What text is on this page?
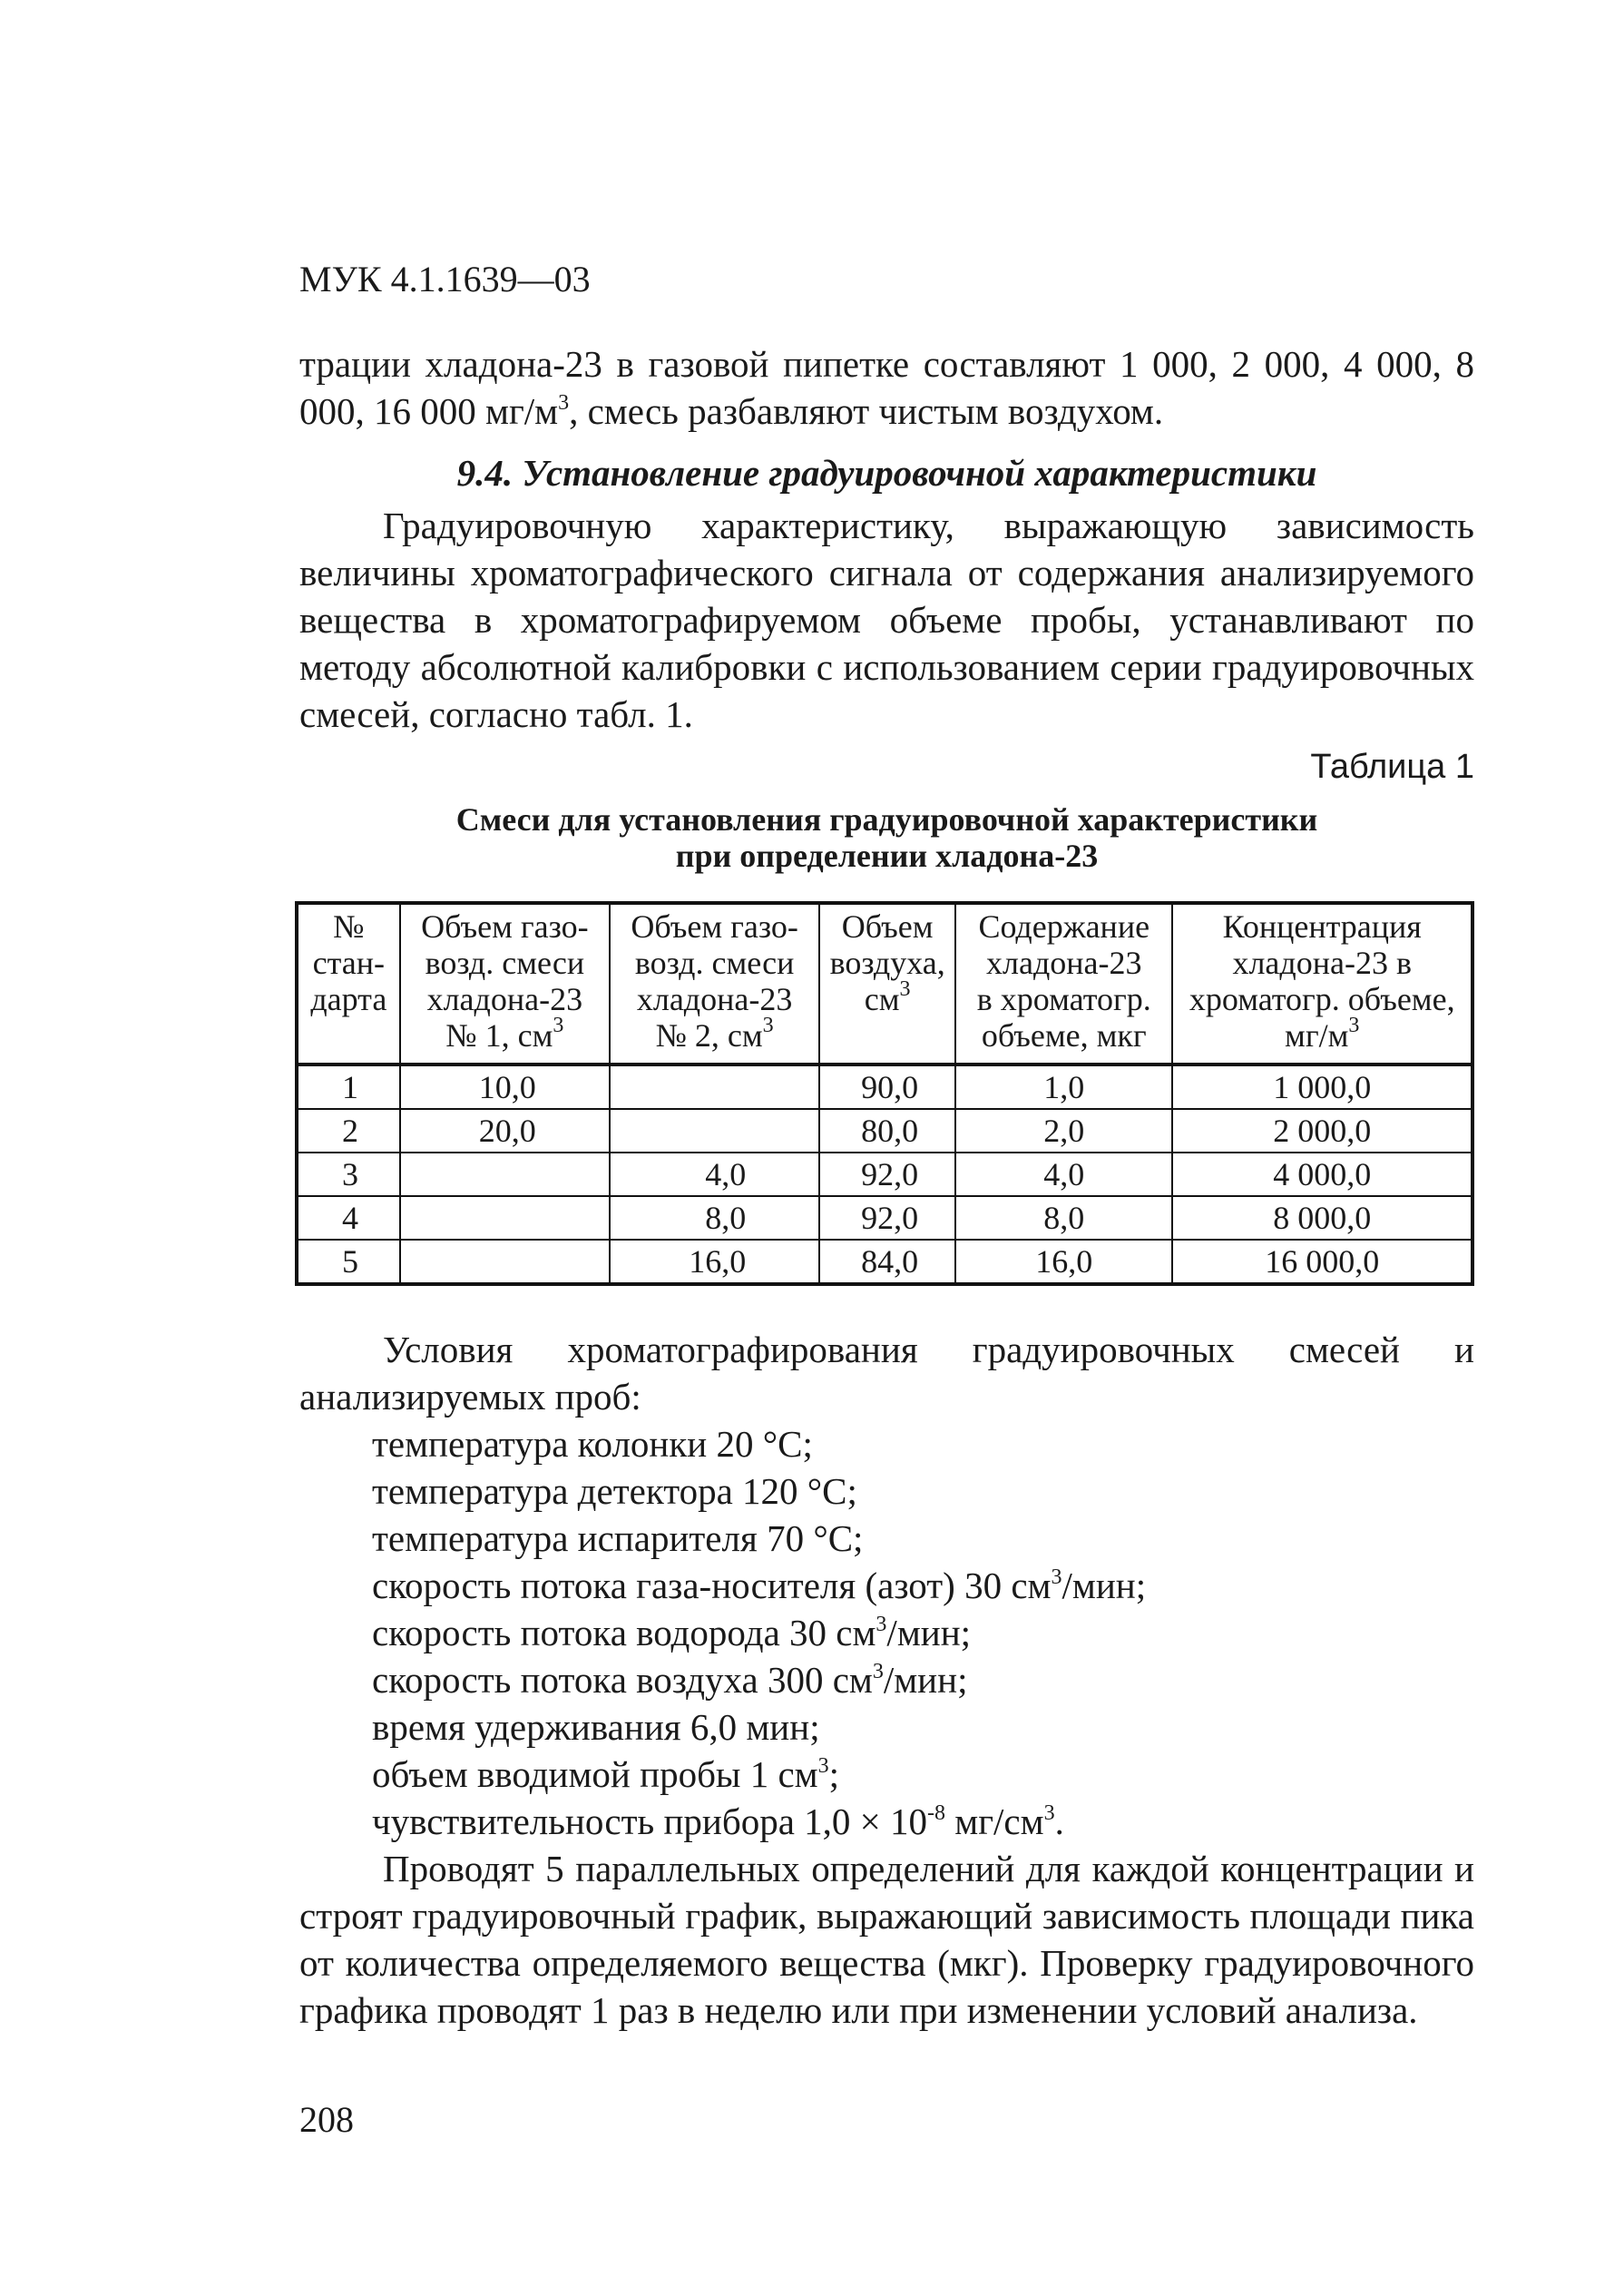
МУК 4.1.1639—03

трации хладона-23 в газовой пипетке составляют 1 000, 2 000, 4 000, 8 000, 16 000 $мг/м^3$, смесь разбавляют чистым воздухом.

9.4. Установление градуировочной характеристики

Градуировочную характеристику, выражающую зависимость величины хроматографического сигнала от содержания анализируемого вещества в хроматографируемом объеме пробы, устанавливают по методу абсолютной калибровки с использованием серии градуировочных смесей, согласно табл. 1.

Таблица 1
Смеси для установления градуировочной характеристики
при определении хладона-23
№
стан-
дарта	Объем газо-
возд. смеси
хладона-23
№ 1, $см^3$	Объем газо-
возд. смеси
хладона-23
№ 2, $см^3$	Объем
воздуха,
$см^3$	Содержание
хладона-23
в хроматогр.
объеме, мкг	Концентрация
хладона-23 в
хроматогр. объеме,
$мг/м^3$
1	10,0		90,0	1,0	1 000,0
2	20,0		80,0	2,0	2 000,0
3		4,0	92,0	4,0	4 000,0
4		8,0	92,0	8,0	8 000,0
5		16,0	84,0	16,0	16 000,0

Условия хроматографирования градуировочных смесей и анализируемых проб:

температура колонки 20 °C;
температура детектора 120 °C;
температура испарителя 70 °C;
скорость потока газа-носителя (азот) 30 $см^3$/мин;
скорость потока водорода 30 $см^3$/мин;
скорость потока воздуха 300 $см^3$/мин;
время удерживания 6,0 мин;
объем вводимой пробы 1 $см^3$;
чувствительность прибора $1,0 \times 10^{-8}$ $мг/см^3$.

Проводят 5 параллельных определений для каждой концентрации и строят градуировочный график, выражающий зависимость площади пика от количества определяемого вещества (мкг). Проверку градуировочного графика проводят 1 раз в неделю или при изменении условий анализа.

208
